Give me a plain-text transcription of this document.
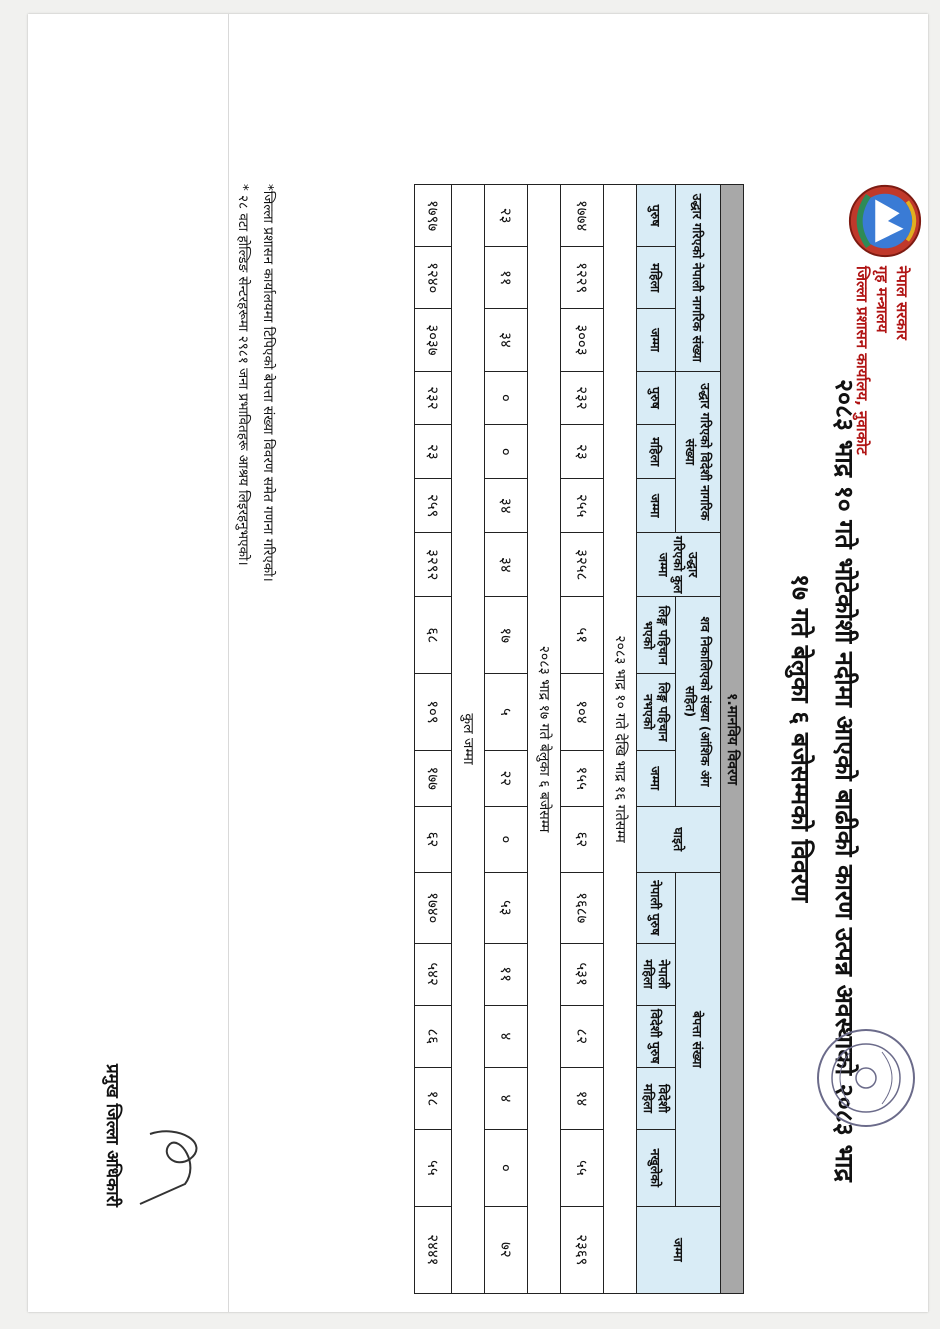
नेपाल सरकार
गृह मन्त्रालय
जिल्ला प्रशासन कार्यालय, नुवाकोट
२०८३ भाद्र १० गते भोटेकोशी नदीमा आएको बाढीको कारण उत्पन्न अवस्थाको २०८३ भाद्र
१७ गते बेलुका ६ बजेसम्मको विवरण
१.मानविय विवरण																
उद्धार गरिएको नेपाली नागरिक संख्या			उद्धार गरिएको विदेशी नागरिक संख्या			उद्धार गरिएको कुल जम्मा	शव निकालिएको संख्या (आंशिक अंग सहित)			घाइते	बेपत्ता संख्या					जम्मा
पुरुष	महिला	जम्मा	पुरुष	महिला	जम्मा		लिङ्ग पहिचान भएको	लिङ्ग पहिचान नभएको	जम्मा		नेपाली पुरुष	नेपाली महिला	विदेशी पुरुष	विदेशी महिला	नखुलेको	
२०८३ भाद्र १० गते देखि भाद्र १६ गतेसम्म																
१७७४	१२२९	३००३	२३२	२३	२५५	३२५८	५१	१०४	१५५	६२	१६८७	५३१	८२	१४	५५	२३६९
२०८३ भाद्र १७ गते बेलुका ६ बजेसम्म																
२३	११	३४	०	०	३४	३४	१७	५	२२	०	५३	११	४	४	०	७२
कुल जम्मा																
१७९७	१२४०	३०३७	२३२	२३	२५९	३२९२	६८	१०९	१७७	६२	१७४०	५४२	८६	१८	५५	२४४१
*जिल्ला प्रशासन कार्यालयमा टिपिएको बेपत्ता संख्या विवरण समेत गणना गरिएको।
* २८ वटा होल्डिङ सेन्टरहरूमा २९८१ जना प्रभावितहरू आश्रय लिइरहनुभएको।
प्रमुख जिल्ला अधिकारी
